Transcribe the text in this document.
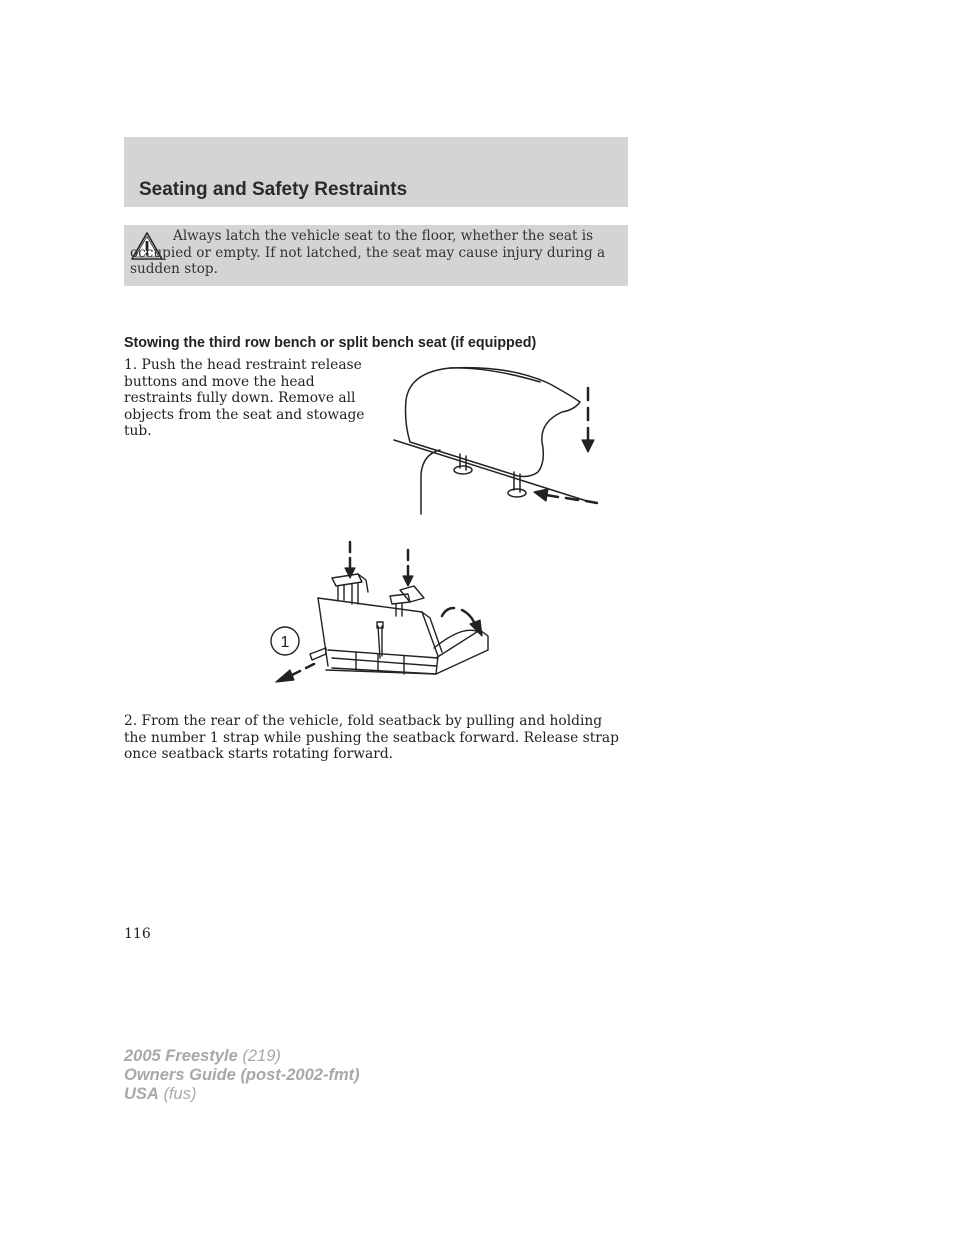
Seating and Safety Restraints

Always latch the vehicle seat to the floor, whether the seat is occupied or empty. If not latched, the seat may cause injury during a sudden stop.

Stowing the third row bench or split bench seat (if equipped)

1. Push the head restraint release buttons and move the head restraints fully down. Remove all objects from the seat and stowage tub.

1

2. From the rear of the vehicle, fold seatback by pulling and holding the number 1 strap while pushing the seatback forward. Release strap once seatback starts rotating forward.

116

2005 Freestyle (219)
Owners Guide (post-2002-fmt)
USA (fus)
